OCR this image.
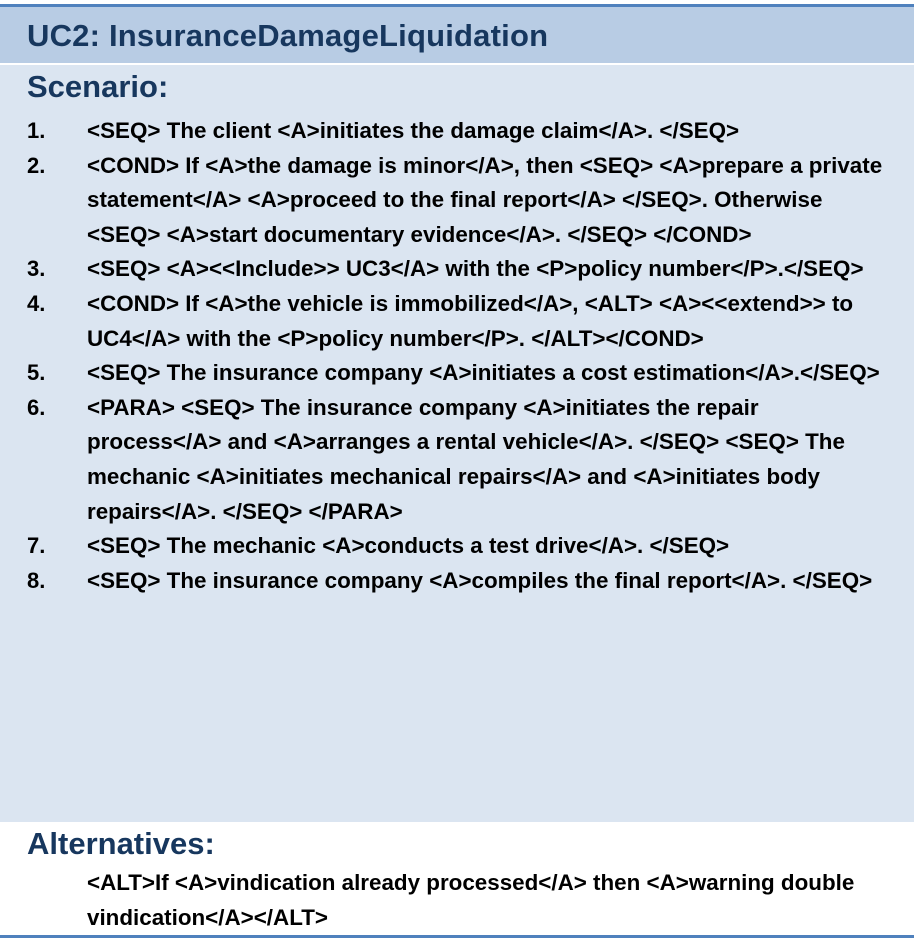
UC2: InsuranceDamageLiquidation
Scenario:
1. <SEQ> The client <A>initiates the damage claim</A>. </SEQ>
2. <COND> If <A>the damage is minor</A>, then <SEQ> <A>prepare a private statement</A> <A>proceed to the final report</A> </SEQ>. Otherwise <SEQ> <A>start documentary evidence</A>. </SEQ> </COND>
3. <SEQ> <A><<Include>> UC3</A> with the <P>policy number</P>.</SEQ>
4. <COND> If <A>the vehicle is immobilized</A>, <ALT> <A><<extend>> to UC4</A> with the <P>policy number</P>. </ALT></COND>
5. <SEQ> The insurance company <A>initiates a cost estimation</A>.</SEQ>
6. <PARA> <SEQ> The insurance company <A>initiates the repair process</A> and <A>arranges a rental vehicle</A>. </SEQ> <SEQ> The mechanic <A>initiates mechanical repairs</A> and <A>initiates body repairs</A>. </SEQ> </PARA>
7. <SEQ> The mechanic <A>conducts a test drive</A>. </SEQ>
8. <SEQ> The insurance company <A>compiles the final report</A>. </SEQ>
Alternatives:
<ALT>If <A>vindication already processed</A> then <A>warning double vindication</A></ALT>
